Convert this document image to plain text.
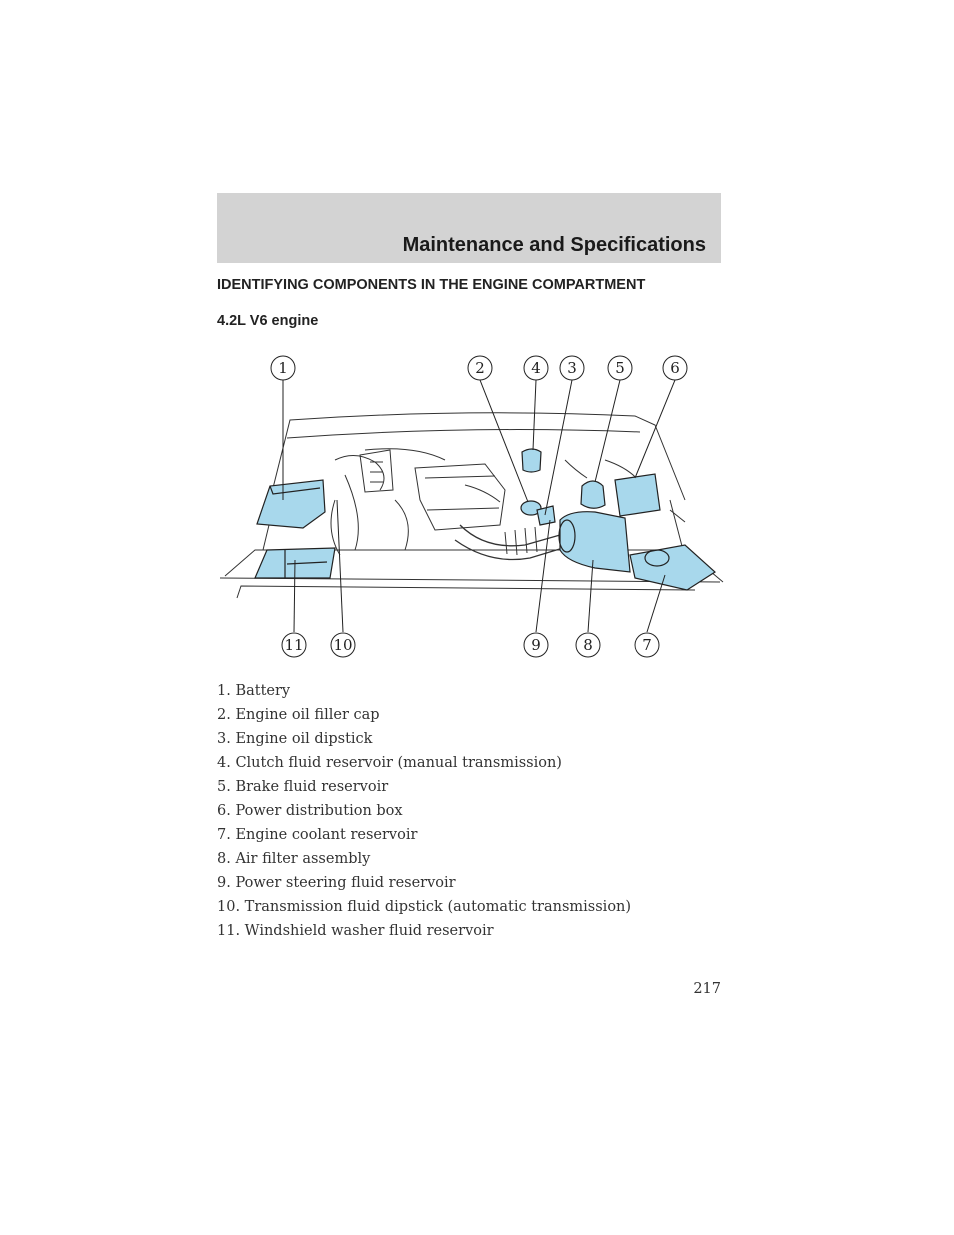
Maintenance and Specifications
IDENTIFYING COMPONENTS IN THE ENGINE COMPARTMENT
4.2L V6 engine
1	2	4 3	5	6
11 10	9	8	7
1. Battery
2. Engine oil filler cap
3. Engine oil dipstick
4. Clutch fluid reservoir (manual transmission)
5. Brake fluid reservoir
6. Power distribution box
7. Engine coolant reservoir
8. Air filter assembly
9. Power steering fluid reservoir
10. Transmission fluid dipstick (automatic transmission)
11. Windshield washer fluid reservoir
217
